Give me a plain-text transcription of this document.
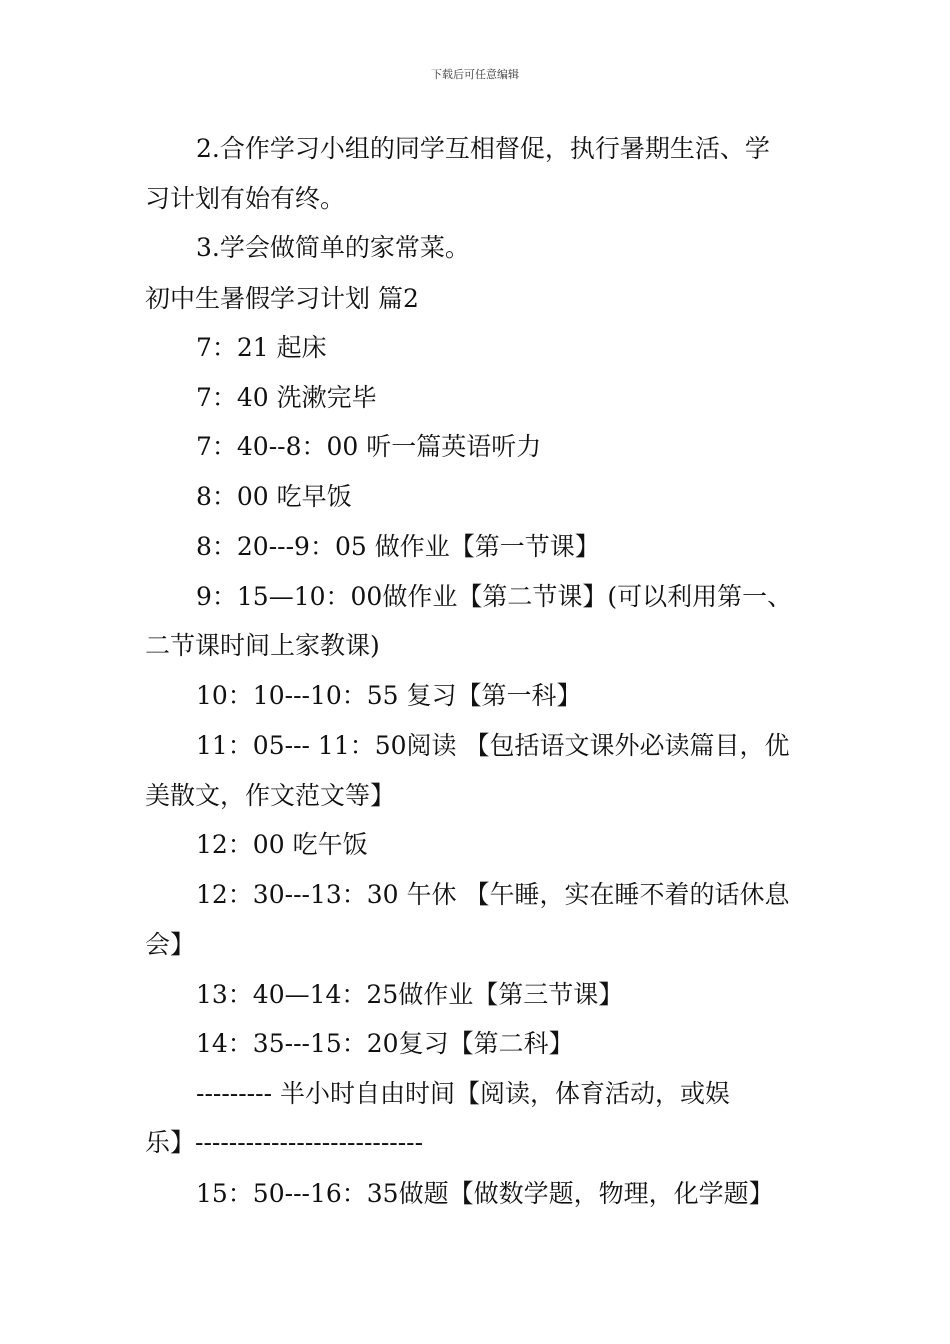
下载后可任意编辑
2.合作学习小组的同学互相督促，执行暑期生活、学
习计划有始有终。
3.学会做简单的家常菜。
初中生暑假学习计划 篇2
7：21 起床
7：40 洗漱完毕
7：40--8：00 听一篇英语听力
8：00 吃早饭
8：20---9：05 做作业【第一节课】
9：15—10：00做作业【第二节课】(可以利用第一、
二节课时间上家教课)
10：10---10：55 复习【第一科】
11：05--- 11：50阅读 【包括语文课外必读篇目，优
美散文，作文范文等】
12：00 吃午饭
12：30---13：30 午休 【午睡，实在睡不着的话休息
会】
13：40—14：25做作业【第三节课】
14：35---15：20复习【第二科】
--------- 半小时自由时间【阅读，体育活动，或娱
乐】---------------------------
15：50---16：35做题【做数学题，物理，化学题】
